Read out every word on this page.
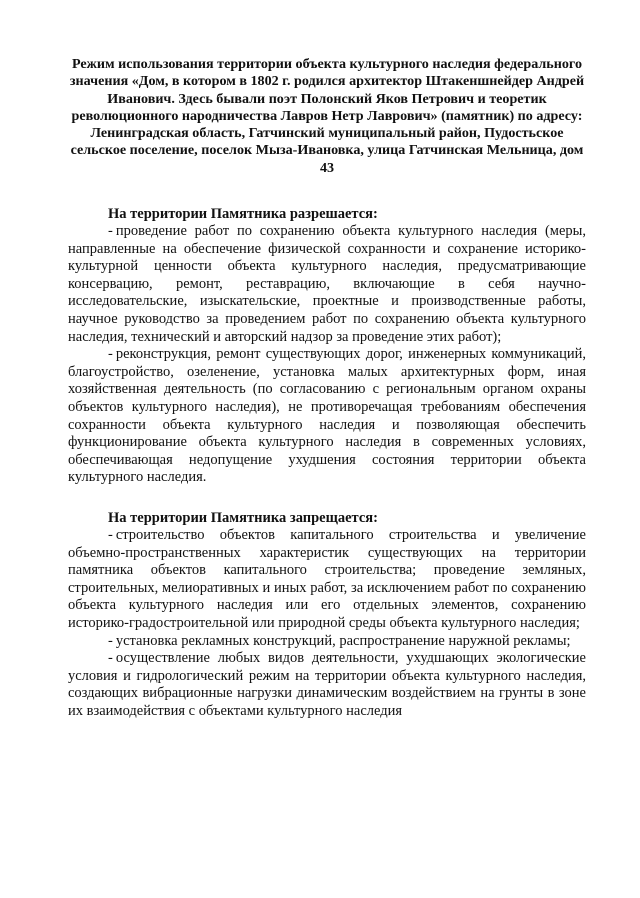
Режим использования территории объекта культурного наследия федерального значения «Дом, в котором в 1802 г. родился архитектор Штакеншнейдер Андрей Иванович. Здесь бывали поэт Полонский Яков Петрович и теоретик революционного народничества Лавров Нетр Лаврович» (памятник) по адресу: Ленинградская область, Гатчинский муниципальный район, Пудостьское сельское поселение, поселок Мыза-Ивановка, улица Гатчинская Мельница, дом 43

На территории Памятника разрешается:

- проведение работ по сохранению объекта культурного наследия (меры, направленные на обеспечение физической сохранности и сохранение историко-культурной ценности объекта культурного наследия, предусматривающие консервацию, ремонт, реставрацию, включающие в себя научно-исследовательские, изыскательские, проектные и производственные работы, научное руководство за проведением работ по сохранению объекта культурного наследия, технический и авторский надзор за проведение этих работ);

- реконструкция, ремонт существующих дорог, инженерных коммуникаций, благоустройство, озеленение, установка малых архитектурных форм, иная хозяйственная деятельность (по согласованию с региональным органом охраны объектов культурного наследия), не противоречащая требованиям обеспечения сохранности объекта культурного наследия и позволяющая обеспечить функционирование объекта культурного наследия в современных условиях, обеспечивающая недопущение ухудшения состояния территории объекта культурного наследия.

На территории Памятника запрещается:

- строительство объектов капитального строительства и увеличение объемно-пространственных характеристик существующих на территории памятника объектов капитального строительства; проведение земляных, строительных, мелиоративных и иных работ, за исключением работ по сохранению объекта культурного наследия или его отдельных элементов, сохранению историко-градостроительной или природной среды объекта культурного наследия;

- установка рекламных конструкций, распространение наружной рекламы;

- осуществление любых видов деятельности, ухудшающих экологические условия и гидрологический режим на территории объекта культурного наследия, создающих вибрационные нагрузки динамическим воздействием на грунты в зоне их взаимодействия с объектами культурного наследия
